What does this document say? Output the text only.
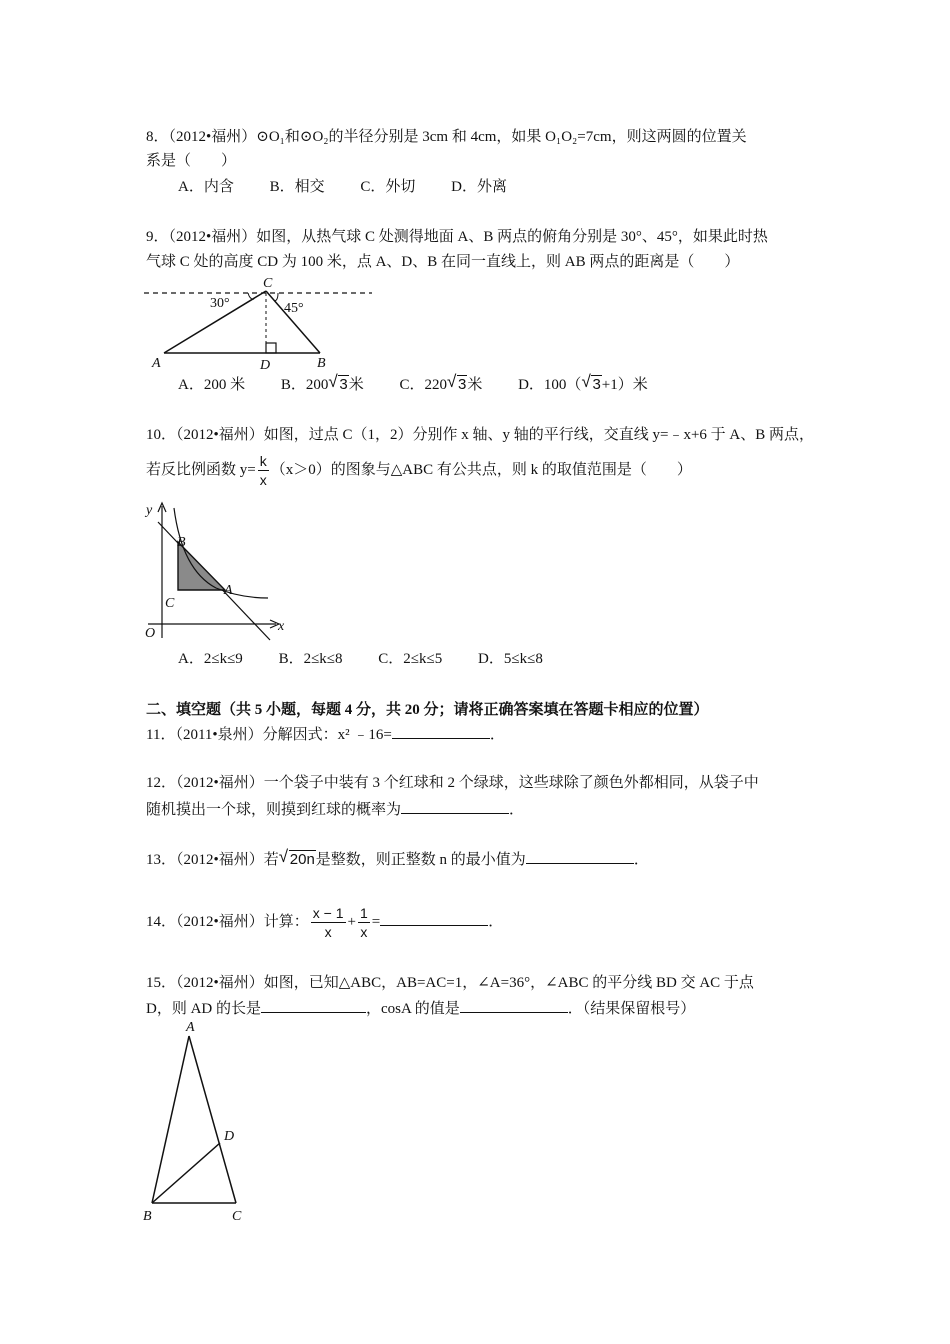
8．（2012•福州）⊙O₁和⊙O₂的半径分别是 3cm 和 4cm，如果 O₁O₂=7cm，则这两圆的位置关
系是（　　）
A．内含 B．相交 C．外切 D．外离
9．（2012•福州）如图，从热气球 C 处测得地面 A、B 两点的俯角分别是 30°、45°，如果此时热
气球 C 处的高度 CD 为 100 米，点 A、D、B 在同一直线上，则 AB 两点的距离是（　　）
C
30°	45°
A	D	B
A．200 米 B．200 √ 3米 C．220 √ 3米 D．100（ √ 3+1）米
10．（2012•福州）如图，过点 C（1，2）分别作 x 轴、y 轴的平行线，交直线 y=﹣x+6 于 A、B 两点，
若反比例函数 $y= \frac{k}{x} (x>0)$的图象与△ABC 有公共点，则 k 的取值范围是（　　）
y
x
O
B
C
A
A．2≤k≤9 B．2≤k≤8 C．2≤k≤5 D．5≤k≤8
二、填空题（共 5 小题，每题 4 分，共 20 分；请将正确答案填在答题卡相应的位置）
11．（2011•泉州）分解因式：x² ﹣16=	．
12．（2012•福州）一个袋子中装有 3 个红球和 2 个绿球，这些球除了颜色外都相同，从袋子中
随机摸出一个球，则摸到红球的概率为	．
13．（2012•福州）若 √ 20n是整数，则正整数 n 的最小值为	．
14．（2012•福州）计算： $\frac{x - 1}{x} + \frac{1}{x}$ =	．
15．（2012•福州）如图，已知△ABC，AB=AC=1，∠A=36°，∠ABC 的平分线 BD 交 AC 于点
D，则 AD 的长是	，cosA 的值是	．（结果保留根号）
A
D
B	C
